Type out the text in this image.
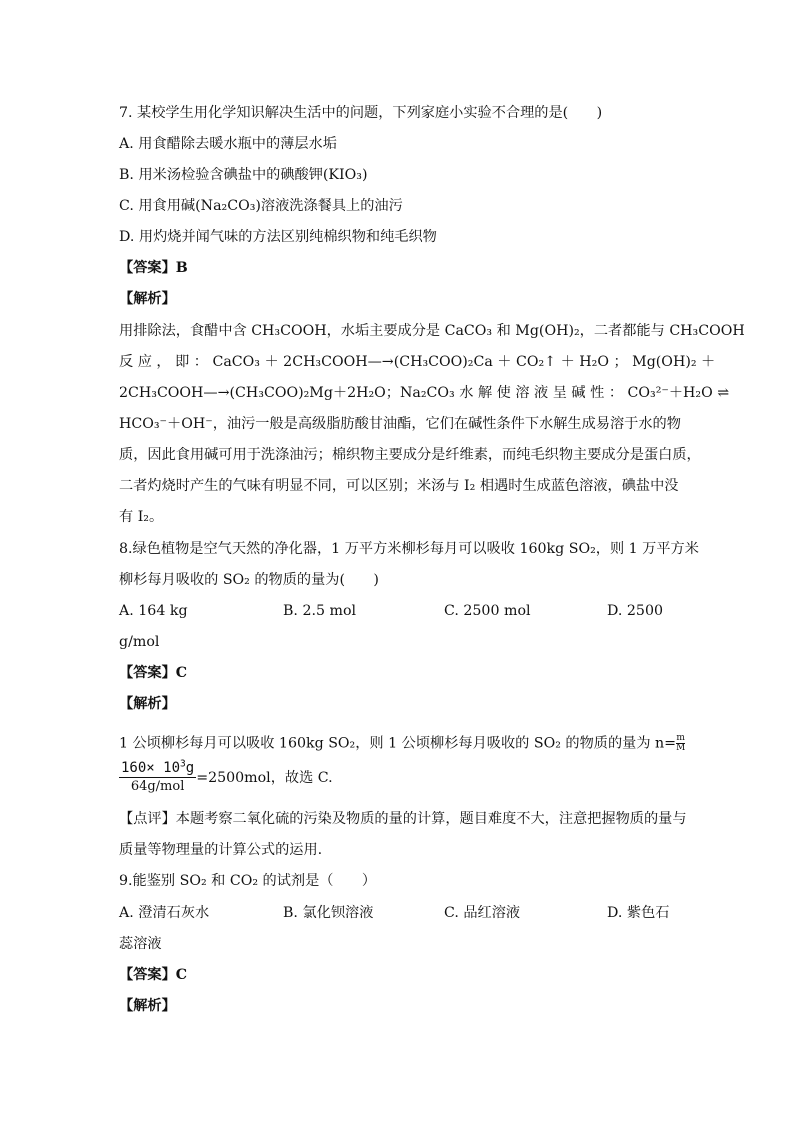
7. 某校学生用化学知识解决生活中的问题，下列家庭小实验不合理的是(　　)
A. 用食醋除去暖水瓶中的薄层水垢
B. 用米汤检验含碘盐中的碘酸钾(KIO₃)
C. 用食用碱(Na₂CO₃)溶液洗涤餐具上的油污
D. 用灼烧并闻气味的方法区别纯棉织物和纯毛织物
【答案】B
【解析】
用排除法，食醋中含 CH₃COOH，水垢主要成分是 CaCO₃ 和 Mg(OH)₂，二者都能与 CH₃COOH
反 应 ， 即 ： CaCO₃ ＋ 2CH₃COOH—→(CH₃COO)₂Ca ＋ CO₂↑ ＋ H₂O ； Mg(OH)₂ ＋
2CH₃COOH—→(CH₃COO)₂Mg＋2H₂O；Na₂CO₃ 水 解 使 溶 液 呈 碱 性 ： CO₃²⁻＋H₂O ⇌
HCO₃⁻＋OH⁻，油污一般是高级脂肪酸甘油酯，它们在碱性条件下水解生成易溶于水的物
质，因此食用碱可用于洗涤油污；棉织物主要成分是纤维素，而纯毛织物主要成分是蛋白质，
二者灼烧时产生的气味有明显不同，可以区别；米汤与 I₂ 相遇时生成蓝色溶液，碘盐中没
有 I₂。
8.绿色植物是空气天然的净化器，1 万平方米柳杉每月可以吸收 160kg SO₂，则 1 万平方米
柳杉每月吸收的 SO₂ 的物质的量为(　　)
A. 164 kg	B. 2.5 mol	C. 2500 mol	D. 2500
g/mol
【答案】C
【解析】
1 公顷柳杉每月可以吸收 160kg SO₂，则 1 公顷柳杉每月吸收的 SO₂ 的物质的量为 $n= \frac{m}{M}$
$\frac{160\times 10^3g}{\text{64g/mol}} =2500mol$，故选 C.
【点评】本题考察二氧化硫的污染及物质的量的计算，题目难度不大，注意把握物质的量与
质量等物理量的计算公式的运用.
9.能鉴别 SO₂ 和 CO₂ 的试剂是（　　）
A. 澄清石灰水	B. 氯化钡溶液	C. 品红溶液	D. 紫色石
蕊溶液
【答案】C
【解析】
